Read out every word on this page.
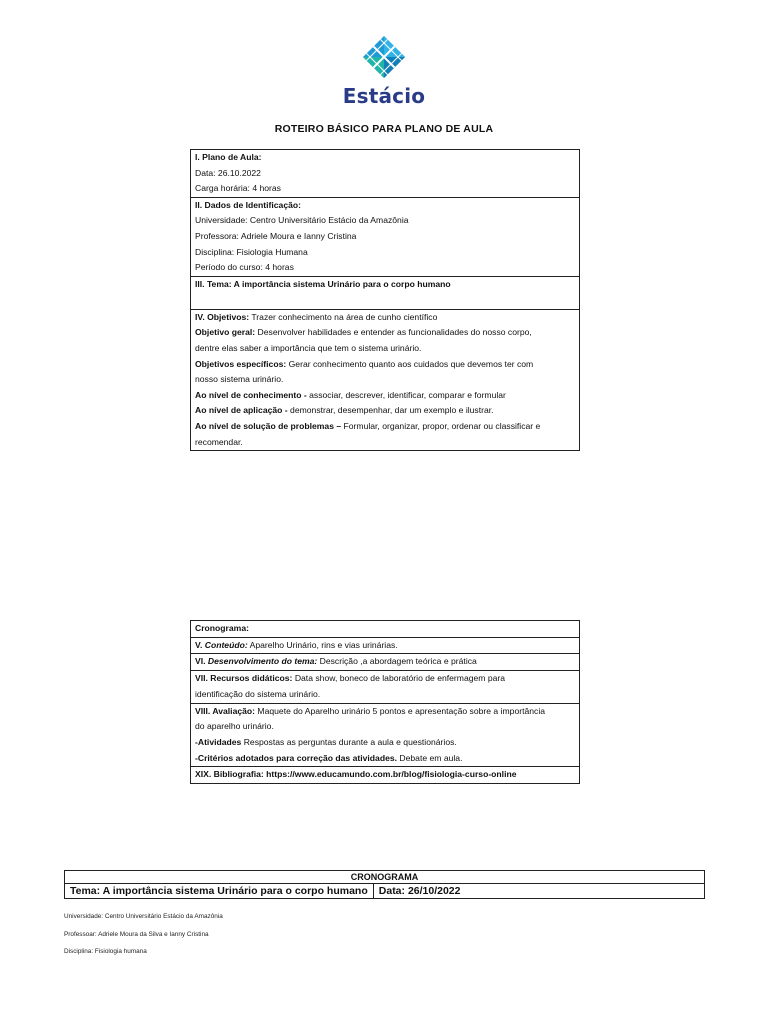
Estácio
ROTEIRO BÁSICO PARA PLANO DE AULA
I. Plano de Aula:
Data: 26.10.2022
Carga horária: 4 horas
II. Dados de Identificação:
Universidade: Centro Universitário Estácio da Amazônia
Professora: Adriele Moura e Ianny Cristina
Disciplina: Fisiologia Humana
Período do curso: 4 horas
III. Tema: A importância sistema Urinário para o corpo humano
IV. Objetivos: Trazer conhecimento na área de cunho científico
Objetivo geral: Desenvolver habilidades e entender as funcionalidades do nosso corpo,
dentre elas saber a importância que tem o sistema urinário.
Objetivos específicos: Gerar conhecimento quanto aos cuidados que devemos ter com
nosso sistema urinário.
Ao nível de conhecimento - associar, descrever, identificar, comparar e formular
Ao nível de aplicação - demonstrar, desempenhar, dar um exemplo e ilustrar.
Ao nível de solução de problemas – Formular, organizar, propor, ordenar ou classificar e
recomendar.
Cronograma:
V. Conteúdo: Aparelho Urinário, rins e vias urinárias.
VI. Desenvolvimento do tema: Descrição ,a abordagem teórica e prática
VII. Recursos didáticos: Data show, boneco de laboratório de enfermagem para
identificação do sistema urinário.
VIII. Avaliação: Maquete do Aparelho urinário 5 pontos e apresentação sobre a importância
do aparelho urinário.
-Atividades Respostas as perguntas durante a aula e questionários.
-Critérios adotados para correção das atividades. Debate em aula.
XIX. Bibliografia: https://www.educamundo.com.br/blog/fisiologia-curso-online
CRONOGRAMA
Tema: A importância sistema Urinário para o corpo humano	Data: 26/10/2022
Universidade: Centro Universitário Estácio da Amazônia
Professoar: Adriele Moura da Silva e Ianny Cristina
Disciplina: Fisiologia humana
